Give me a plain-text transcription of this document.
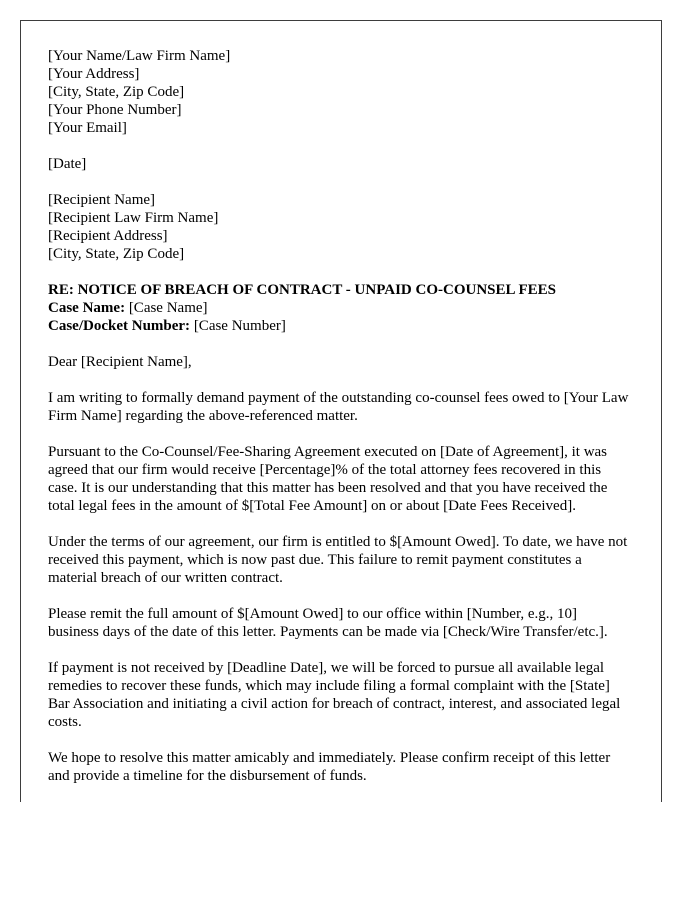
[Your Name/Law Firm Name]
[Your Address]
[City, State, Zip Code]
[Your Phone Number]
[Your Email]
[Date]
[Recipient Name]
[Recipient Law Firm Name]
[Recipient Address]
[City, State, Zip Code]
RE: NOTICE OF BREACH OF CONTRACT - UNPAID CO-COUNSEL FEES
Case Name: [Case Name]
Case/Docket Number: [Case Number]

Dear [Recipient Name],

I am writing to formally demand payment of the outstanding co-counsel fees owed to [Your Law Firm Name] regarding the above-referenced matter.

Pursuant to the Co-Counsel/Fee-Sharing Agreement executed on [Date of Agreement], it was agreed that our firm would receive [Percentage]% of the total attorney fees recovered in this case. It is our understanding that this matter has been resolved and that you have received the total legal fees in the amount of $[Total Fee Amount] on or about [Date Fees Received].

Under the terms of our agreement, our firm is entitled to $[Amount Owed]. To date, we have not received this payment, which is now past due. This failure to remit payment constitutes a material breach of our written contract.

Please remit the full amount of $[Amount Owed] to our office within [Number, e.g., 10] business days of the date of this letter. Payments can be made via [Check/Wire Transfer/etc.].

If payment is not received by [Deadline Date], we will be forced to pursue all available legal remedies to recover these funds, which may include filing a formal complaint with the [State] Bar Association and initiating a civil action for breach of contract, interest, and associated legal costs.

We hope to resolve this matter amicably and immediately. Please confirm receipt of this letter and provide a timeline for the disbursement of funds.
